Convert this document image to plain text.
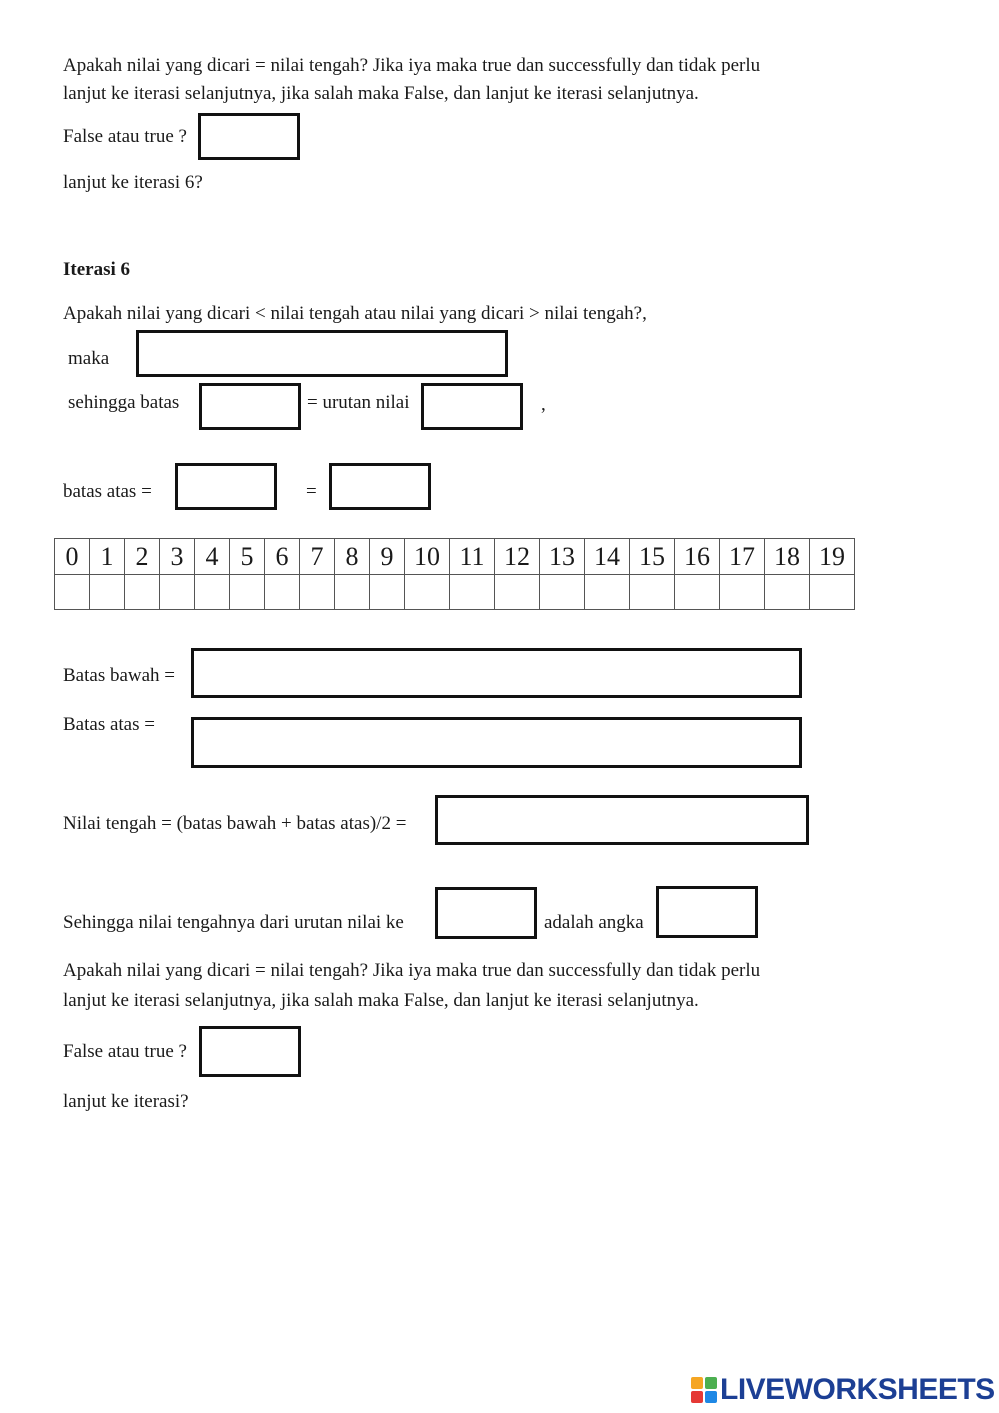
Apakah nilai yang dicari = nilai tengah? Jika iya maka true dan successfully dan tidak perlu
lanjut ke iterasi selanjutnya, jika salah maka False, dan lanjut ke iterasi selanjutnya.
False atau true ?
lanjut ke iterasi 6?
Iterasi 6
Apakah nilai yang dicari < nilai tengah atau nilai yang dicari > nilai tengah?,
maka
sehingga batas	= urutan nilai	,
batas atas =	=
0	1	2	3	4	5	6	7	8	9	10	11	12	13	14	15	16	17	18	19

Batas bawah =
Batas atas =
Nilai tengah = (batas bawah + batas atas)/2 =
Sehingga nilai tengahnya dari urutan nilai ke	adalah angka
Apakah nilai yang dicari = nilai tengah? Jika iya maka true dan successfully dan tidak perlu
lanjut ke iterasi selanjutnya, jika salah maka False, dan lanjut ke iterasi selanjutnya.
False atau true ?
lanjut ke iterasi?
LIVEWORKSHEETS
